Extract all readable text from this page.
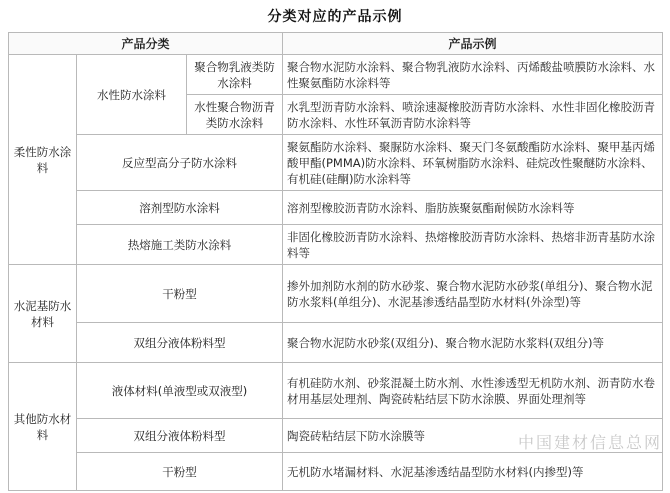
分类对应的产品示例
产品分类			产品示例
柔性防水涂料	水性防水涂料	聚合物乳液类防水涂料	聚合物水泥防水涂料、聚合物乳液防水涂料、丙烯酸盐喷膜防水涂料、水性聚氨酯防水涂料等
		水性聚合物沥青类防水涂料	水乳型沥青防水涂料、喷涂速凝橡胶沥青防水涂料、水性非固化橡胶沥青防水涂料、水性环氧沥青防水涂料等
	反应型高分子防水涂料		聚氨酯防水涂料、聚脲防水涂料、聚天门冬氨酸酯防水涂料、聚甲基丙烯酸甲酯(PMMA)防水涂料、环氧树脂防水涂料、硅烷改性聚醚防水涂料、有机硅(硅酮)防水涂料等
	溶剂型防水涂料		溶剂型橡胶沥青防水涂料、脂肪族聚氨酯耐候防水涂料等
	热熔施工类防水涂料		非固化橡胶沥青防水涂料、热熔橡胶沥青防水涂料、热熔非沥青基防水涂料等
水泥基防水材料	干粉型		掺外加剂防水剂的防水砂浆、聚合物水泥防水砂浆(单组分)、聚合物水泥防水浆料(单组分)、水泥基渗透结晶型防水材料(外涂型)等
	双组分液体粉料型		聚合物水泥防水砂浆(双组分)、聚合物水泥防水浆料(双组分)等
其他防水材料	液体材料(单液型或双液型)		有机硅防水剂、砂浆混凝土防水剂、水性渗透型无机防水剂、沥青防水卷材用基层处理剂、陶瓷砖粘结层下防水涂膜、界面处理剂等
	双组分液体粉料型		陶瓷砖粘结层下防水涂膜等
	干粉型		无机防水堵漏材料、水泥基渗透结晶型防水材料(内掺型)等
中国建材信息总网
